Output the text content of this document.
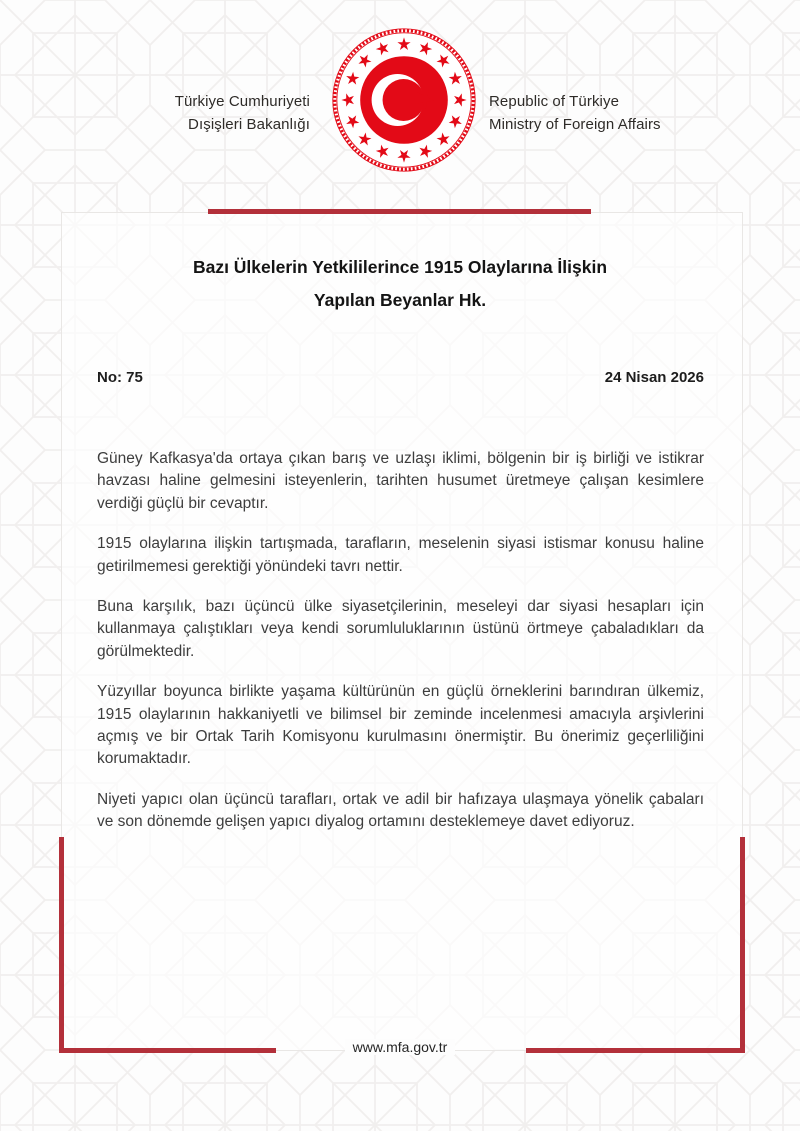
Türkiye Cumhuriyeti
Dışişleri Bakanlığı
Republic of Türkiye
Ministry of Foreign Affairs
Bazı Ülkelerin Yetkililerince 1915 Olaylarına İlişkin
Yapılan Beyanlar Hk.
No: 75	24 Nisan 2026

Güney Kafkasya'da ortaya çıkan barış ve uzlaşı iklimi, bölgenin bir iş birliği ve istikrar havzası haline gelmesini isteyenlerin, tarihten husumet üretmeye çalışan kesimlere verdiği güçlü bir cevaptır.

1915 olaylarına ilişkin tartışmada, tarafların, meselenin siyasi istismar konusu haline getirilmemesi gerektiği yönündeki tavrı nettir.

Buna karşılık, bazı üçüncü ülke siyasetçilerinin, meseleyi dar siyasi hesapları için kullanmaya çalıştıkları veya kendi sorumluluklarının üstünü örtmeye çabaladıkları da görülmektedir.

Yüzyıllar boyunca birlikte yaşama kültürünün en güçlü örneklerini barındıran ülkemiz, 1915 olaylarının hakkaniyetli ve bilimsel bir zeminde incelenmesi amacıyla arşivlerini açmış ve bir Ortak Tarih Komisyonu kurulmasını önermiştir. Bu önerimiz geçerliliğini korumaktadır.

Niyeti yapıcı olan üçüncü tarafları, ortak ve adil bir hafızaya ulaşmaya yönelik çabaları ve son dönemde gelişen yapıcı diyalog ortamını desteklemeye davet ediyoruz.

www.mfa.gov.tr
